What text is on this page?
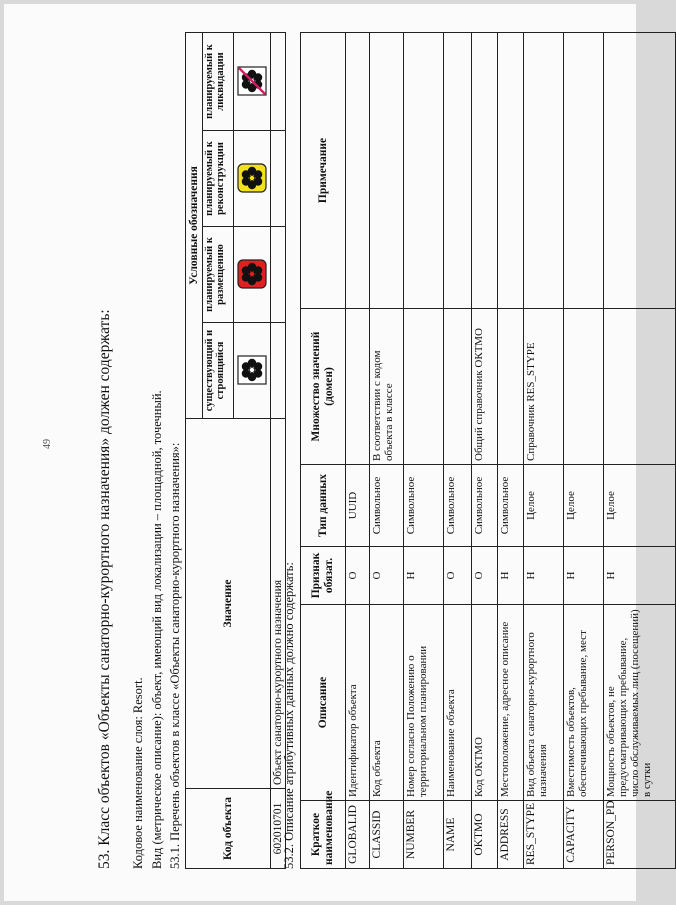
49	53. Класс объектов «Объекты санаторно-курортного назначения» должен содержать: Кодовое наименование слоя: Resort. Вид (метрическое описание): объект, имеющий вид локализации – площадной, точечный. 53.1. Перечень объектов в классе «Объекты санаторно-курортного назначения»:	Код объекта	Значение	Условные обозначения			
		существующий и строящийся	планируемый к размещению	планируемый к реконструкции	планируемый к ликвидации

602010701	Объект санаторно-курортного назначения				
53.2. Описание атрибутивных данных должно содержать: Краткое наименование	Описание	Признак обязат.	Тип данных	Множество значений (домен)	Примечание
GLOBALID	Идентификатор объекта	О	UUID		
CLASSID	Код объекта	О	Символьное	В соответствии с кодом объекта в классе	
NUMBER	Номер согласно Положению о территориальном планировании	Н	Символьное		
NAME	Наименование объекта	О	Символьное		
OKTMO	Код ОКТМО	О	Символьное	Общий справочник ОКТМО	
ADDRESS	Местоположение, адресное описание	Н	Символьное		
RES_STYPE	Вид объекта санаторно-курортного назначения	Н	Целое	Справочник RES_STYPE	
CAPACITY	Вместимость объектов, обеспечивающих пребывание, мест	Н	Целое		
PERSON_PD	Мощность объектов, не предусматривающих пребывание, число обслуживаемых лиц (посещений) в сутки	Н	Целое		
